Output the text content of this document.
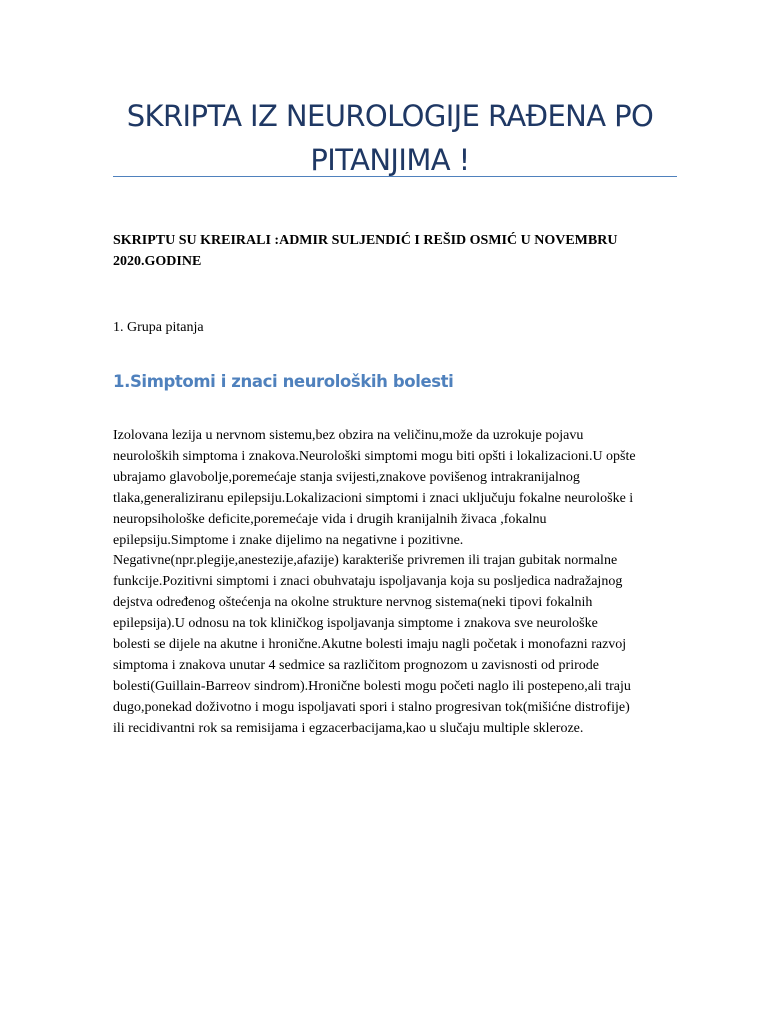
SKRIPTA IZ NEUROLOGIJE RAĐENA PO PITANJIMA !

SKRIPTU SU KREIRALI :ADMIR SULJENDIĆ I REŠID OSMIĆ U NOVEMBRU 2020.GODINE

1. Grupa pitanja

1.Simptomi i znaci neuroloških bolesti

Izolovana lezija u nervnom sistemu,bez obzira na veličinu,može da uzrokuje pojavu
neuroloških simptoma i znakova.Neurološki simptomi mogu biti opšti i lokalizacioni.U opšte
ubrajamo glavobolje,poremećaje stanja svijesti,znakove povišenog intrakranijalnog
tlaka,generaliziranu epilepsiju.Lokalizacioni simptomi i znaci uključuju fokalne neurološke i
neuropsihološke deficite,poremećaje vida i drugih kranijalnih živaca ,fokalnu
epilepsiju.Simptome i znake dijelimo na negativne i pozitivne.
Negativne(npr.plegije,anestezije,afazije) karakteriše privremen ili trajan gubitak normalne
funkcije.Pozitivni simptomi i znaci obuhvataju ispoljavanja koja su posljedica nadražajnog
dejstva određenog oštećenja na okolne strukture nervnog sistema(neki tipovi fokalnih
epilepsija).U odnosu na tok kliničkog ispoljavanja simptome i znakova sve neurološke
bolesti se dijele na akutne i hronične.Akutne bolesti imaju nagli početak i monofazni razvoj
simptoma i znakova unutar 4 sedmice sa različitom prognozom u zavisnosti od prirode
bolesti(Guillain-Barreov sindrom).Hronične bolesti mogu početi naglo ili postepeno,ali traju
dugo,ponekad doživotno i mogu ispoljavati spori i stalno progresivan tok(mišićne distrofije)
ili recidivantni rok sa remisijama i egzacerbacijama,kao u slučaju multiple skleroze.
